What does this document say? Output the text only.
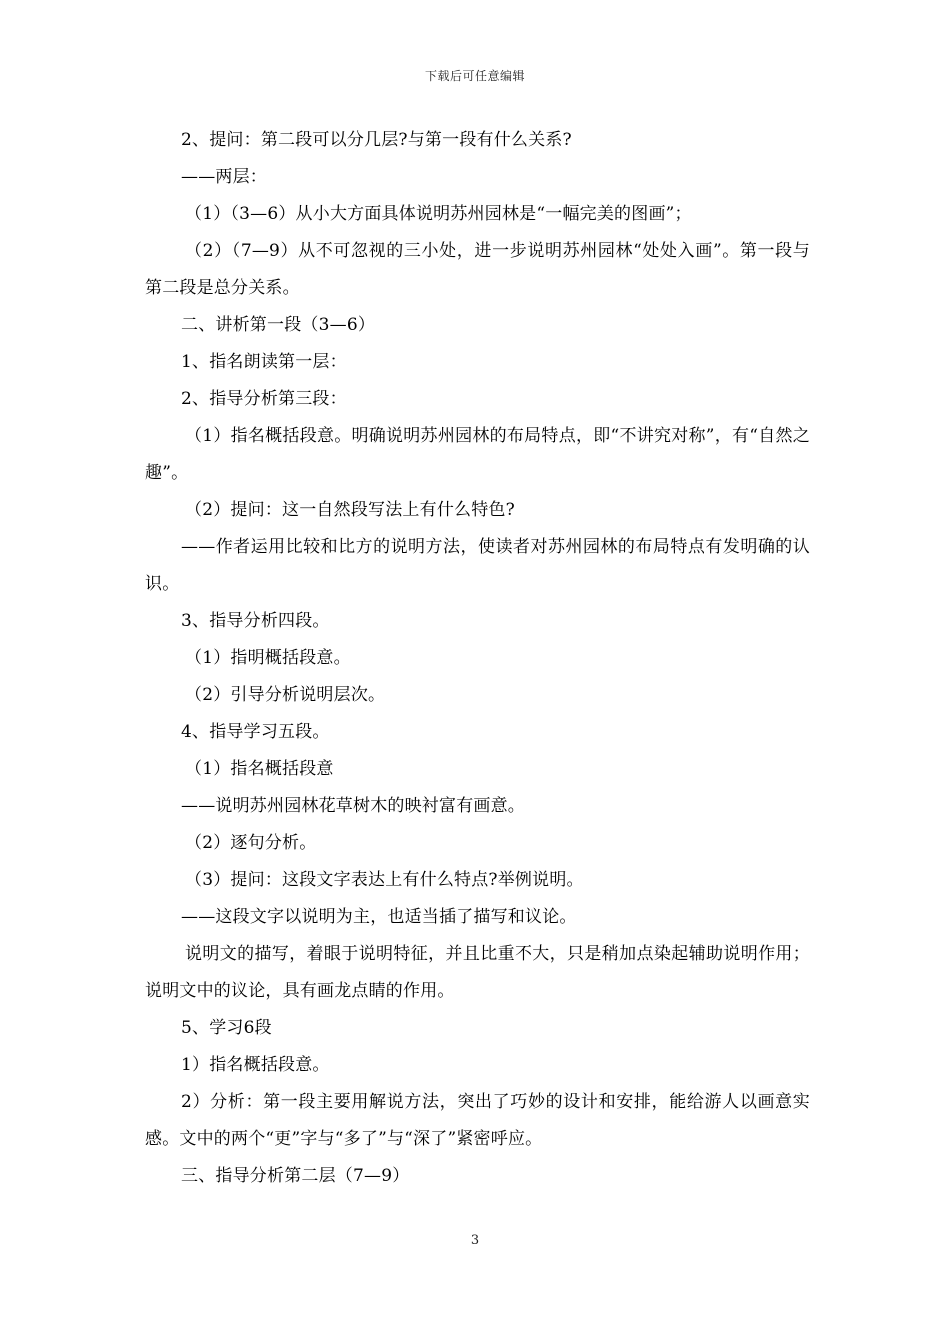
下载后可任意编辑
2、提问：第二段可以分几层?与第一段有什么关系?
——两层：
（1）（3—6）从小大方面具体说明苏州园林是“一幅完美的图画”；
（2）（7—9）从不可忽视的三小处，进一步说明苏州园林“处处入画”。第一段与第二段是总分关系。
二、讲析第一段（3—6）
1、指名朗读第一层：
2、指导分析第三段：
（1）指名概括段意。明确说明苏州园林的布局特点，即“不讲究对称”，有“自然之趣”。
（2）提问：这一自然段写法上有什么特色?
——作者运用比较和比方的说明方法，使读者对苏州园林的布局特点有发明确的认识。
3、指导分析四段。
（1）指明概括段意。
（2）引导分析说明层次。
4、指导学习五段。
（1）指名概括段意
——说明苏州园林花草树木的映衬富有画意。
（2）逐句分析。
（3）提问：这段文字表达上有什么特点?举例说明。
——这段文字以说明为主，也适当插了描写和议论。
说明文的描写，着眼于说明特征，并且比重不大，只是稍加点染起辅助说明作用；说明文中的议论，具有画龙点睛的作用。
5、学习6段
1）指名概括段意。
2）分析：第一段主要用解说方法，突出了巧妙的设计和安排，能给游人以画意实感。文中的两个“更”字与“多了”与“深了”紧密呼应。
三、指导分析第二层（7—9）
3
